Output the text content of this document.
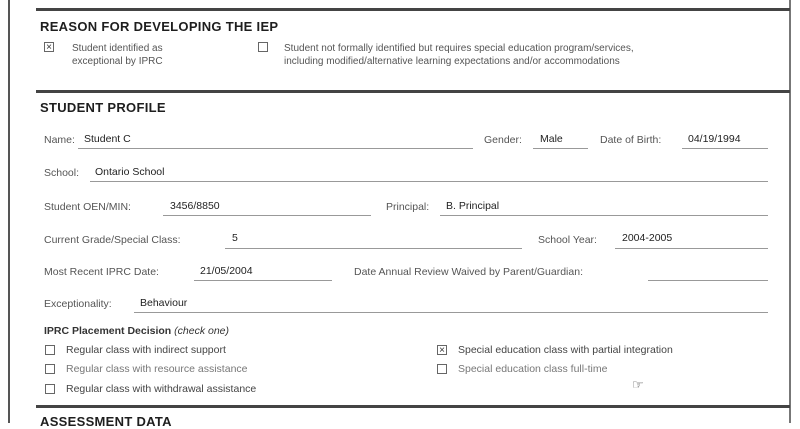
REASON FOR DEVELOPING THE IEP
× Student identified as
exceptional by IPRC
Student not formally identified but requires special education program/services,
including modified/alternative learning expectations and/or accommodations
STUDENT PROFILE
Name: Student C	Gender: Male	Date of Birth:	04/19/1994
School: Ontario School
Student OEN/MIN:	3456/8850	Principal: B. Principal
Current Grade/Special Class:	5	School Year: 2004-2005
Most Recent IPRC Date:	21/05/2004	Date Annual Review Waived by Parent/Guardian:
Exceptionality:	Behaviour
IPRC Placement Decision (check one)
Regular class with indirect support
Regular class with resource assistance
Regular class with withdrawal assistance
× Special education class with partial integration
Special education class full-time
☞
ASSESSMENT DATA
